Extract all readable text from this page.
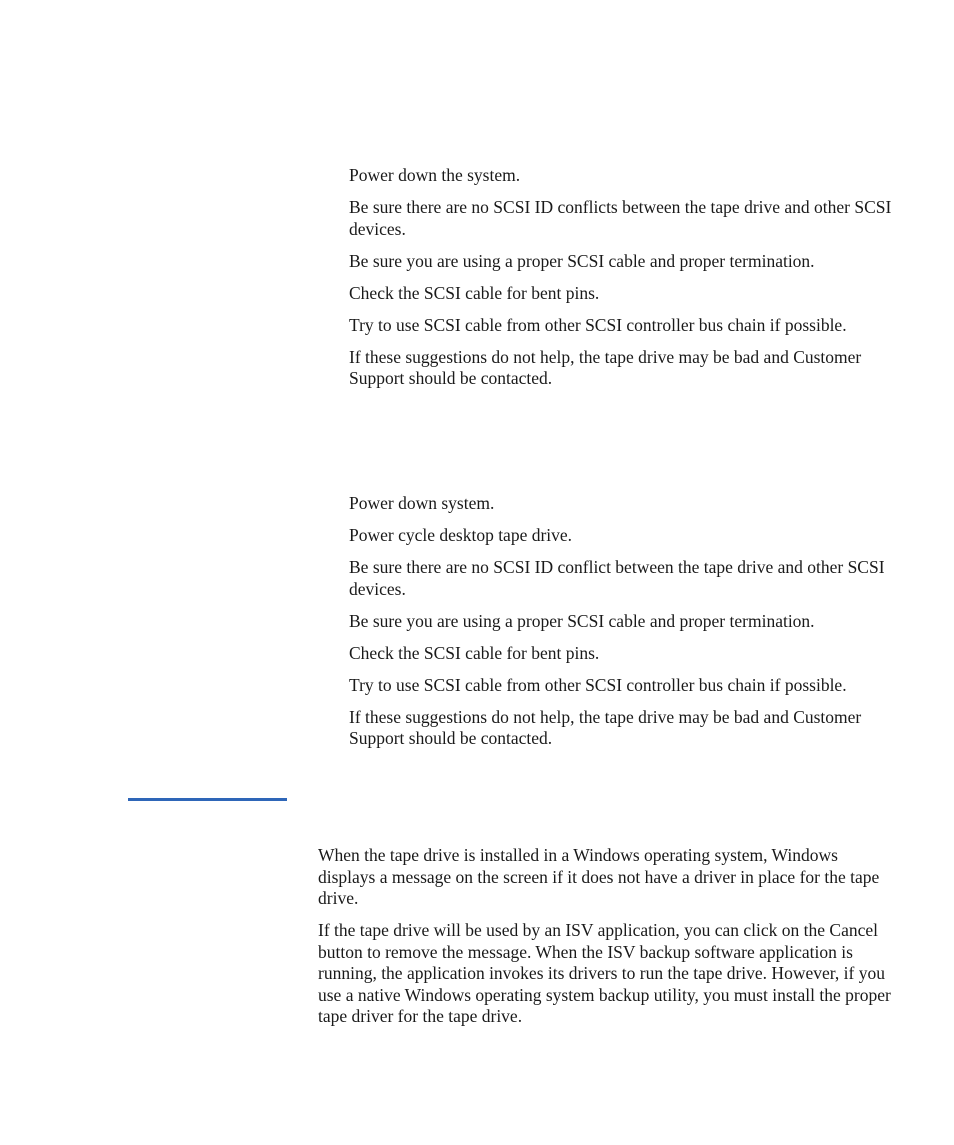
Power down the system.
Be sure there are no SCSI ID conflicts between the tape drive and other SCSI devices.
Be sure you are using a proper SCSI cable and proper termination.
Check the SCSI cable for bent pins.
Try to use SCSI cable from other SCSI controller bus chain if possible.
If these suggestions do not help, the tape drive may be bad and Customer Support should be contacted.
Power down system.
Power cycle desktop tape drive.
Be sure there are no SCSI ID conflict between the tape drive and other SCSI devices.
Be sure you are using a proper SCSI cable and proper termination.
Check the SCSI cable for bent pins.
Try to use SCSI cable from other SCSI controller bus chain if possible.
If these suggestions do not help, the tape drive may be bad and Customer Support should be contacted.

When the tape drive is installed in a Windows operating system, Windows displays a message on the screen if it does not have a driver in place for the tape drive.

If the tape drive will be used by an ISV application, you can click on the Cancel button to remove the message. When the ISV backup software application is running, the application invokes its drivers to run the tape drive. However, if you use a native Windows operating system backup utility, you must install the proper tape driver for the tape drive.
